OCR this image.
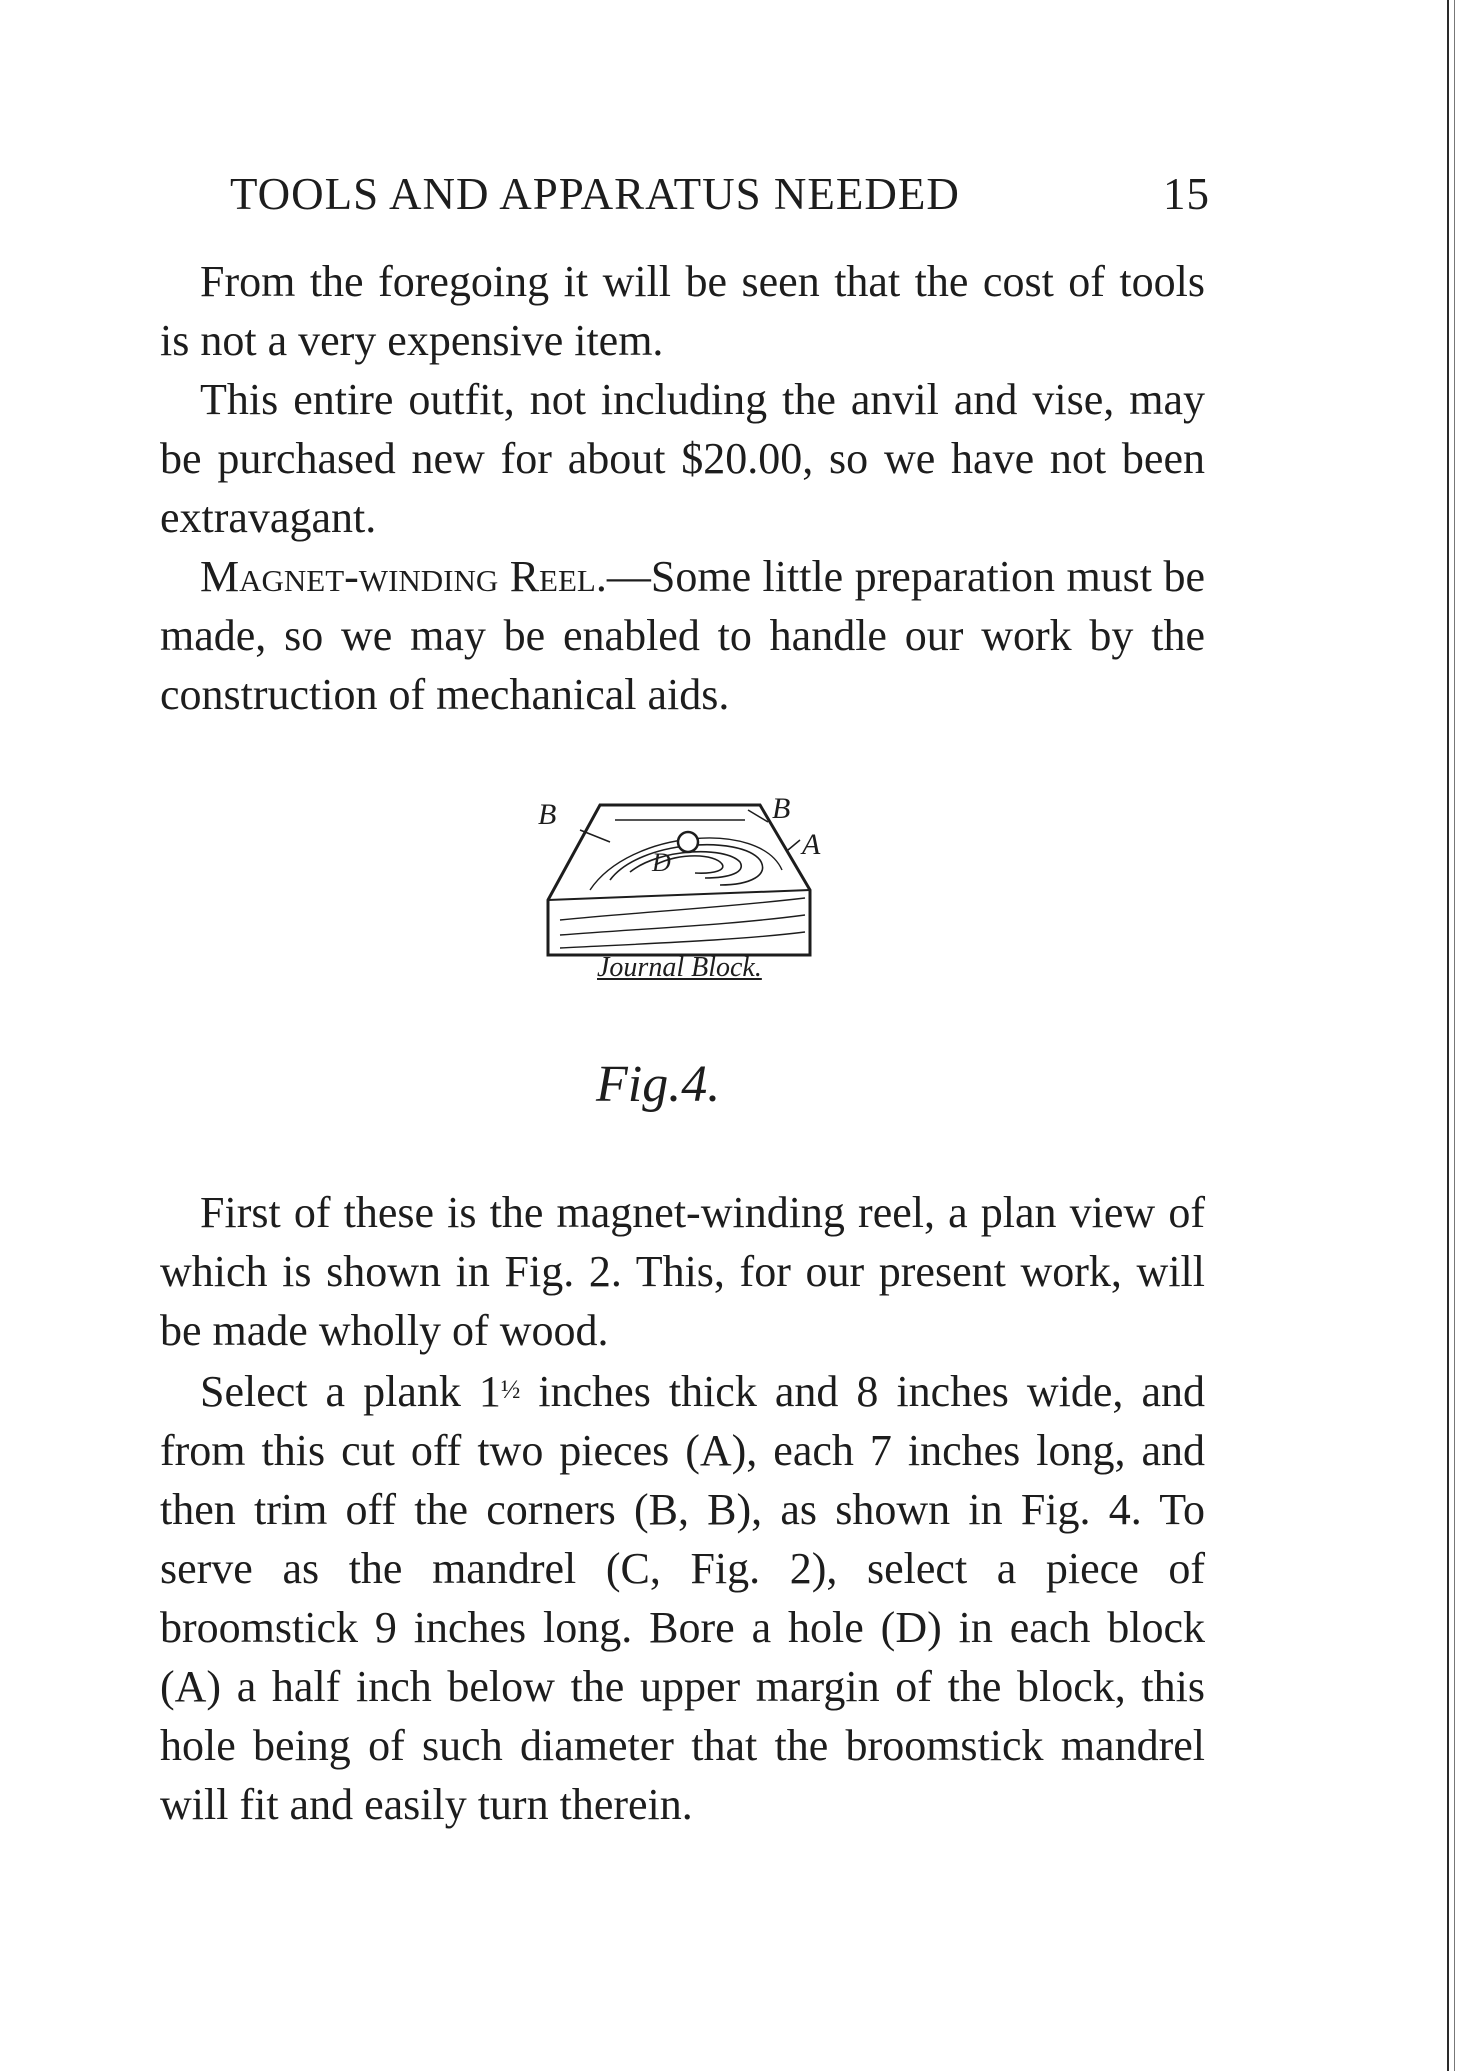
TOOLS AND APPARATUS NEEDED	15

From the foregoing it will be seen that the cost of tools is not a very expensive item.

This entire outfit, not including the anvil and vise, may be purchased new for about $20.00, so we have not been extravagant.

Magnet-winding Reel.—Some little preparation must be made, so we may be enabled to handle our work by the construction of mechanical aids.

B	B
A
D
Journal Block.
Fig.4.

First of these is the magnet-winding reel, a plan view of which is shown in Fig. 2. This, for our present work, will be made wholly of wood.

Select a plank 1½ inches thick and 8 inches wide, and from this cut off two pieces (A), each 7 inches long, and then trim off the corners (B, B), as shown in Fig. 4. To serve as the mandrel (C, Fig. 2), select a piece of broomstick 9 inches long. Bore a hole (D) in each block (A) a half inch below the upper margin of the block, this hole being of such diameter that the broomstick mandrel will fit and easily turn therein.
